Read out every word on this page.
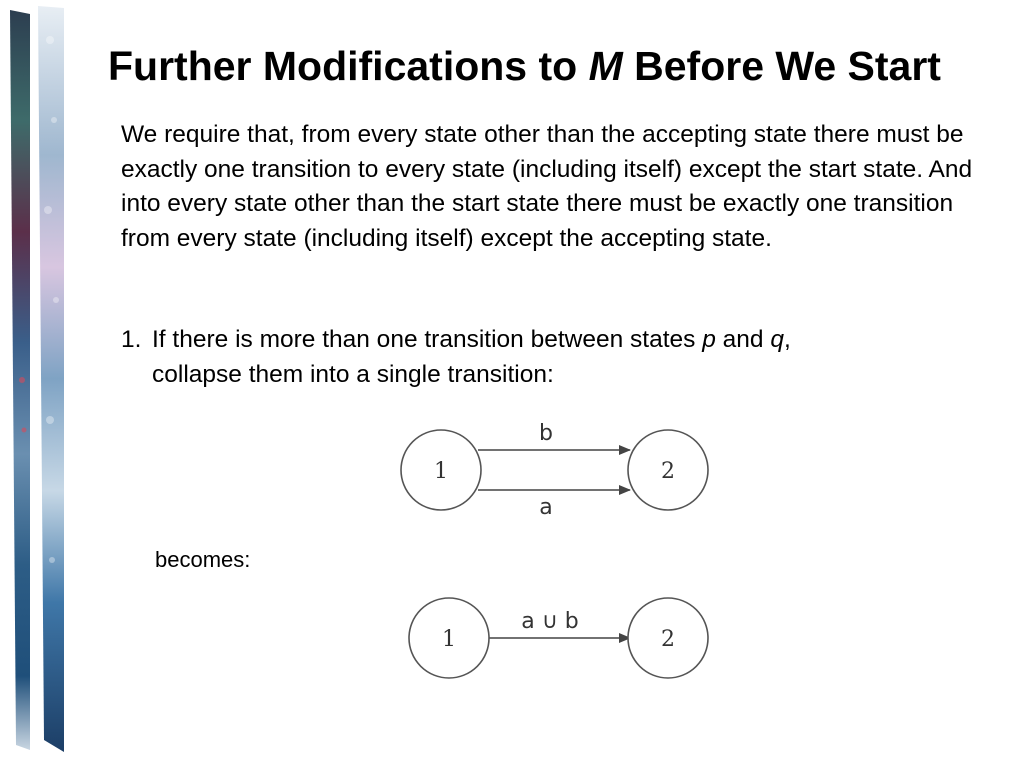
Further Modifications to M Before We Start

We require that, from every state other than the accepting state there must be exactly one transition to every state (including itself) except the start state. And into every state other than the start state there must be exactly one transition from every state (including itself) except the accepting state.

1. If there is more than one transition between states p and q,
collapse them into a single transition:
becomes:
1	2
b
a
1	2
a ∪ b
